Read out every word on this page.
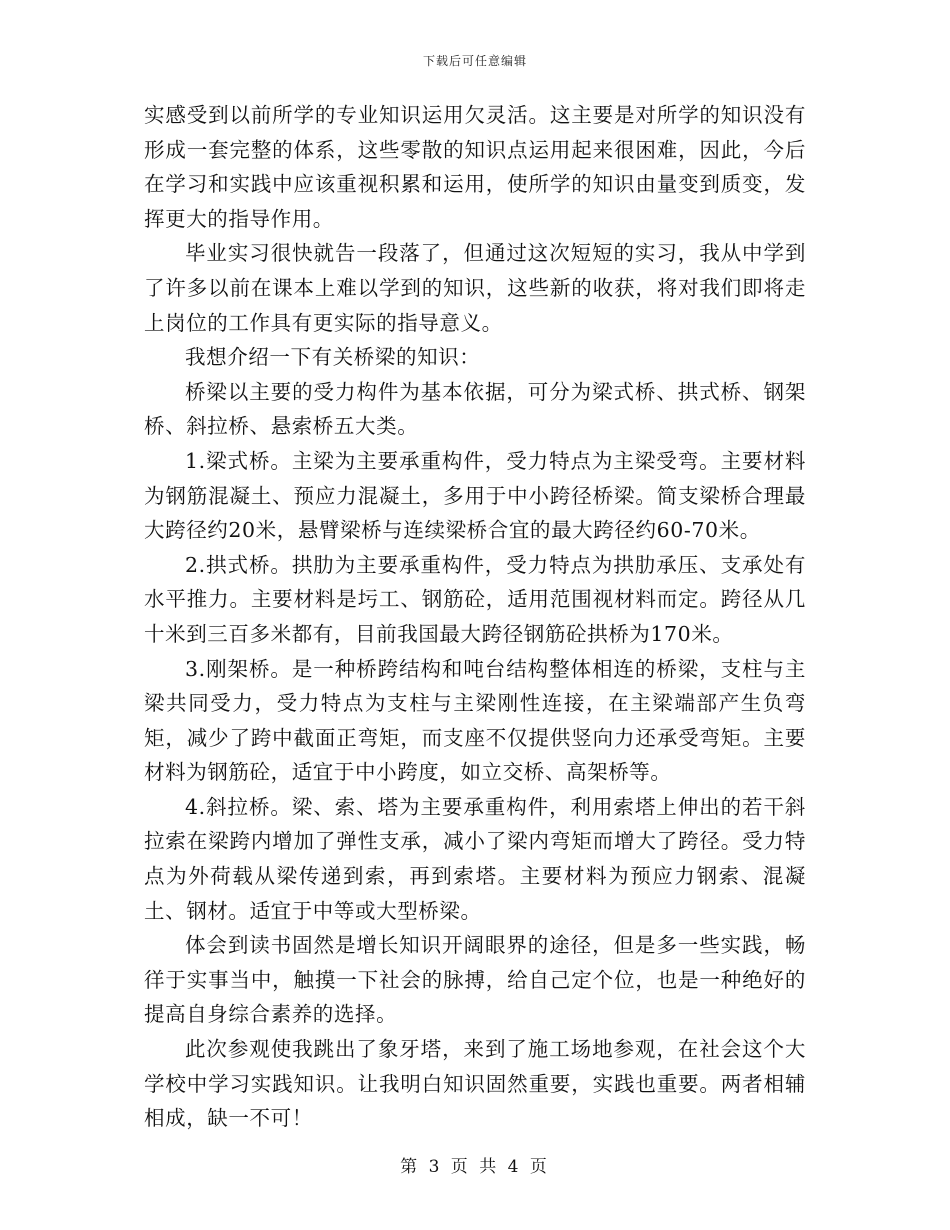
下载后可任意编辑

实感受到以前所学的专业知识运用欠灵活。这主要是对所学的知识没有形成一套完整的体系，这些零散的知识点运用起来很困难，因此，今后在学习和实践中应该重视积累和运用，使所学的知识由量变到质变，发挥更大的指导作用。

毕业实习很快就告一段落了，但通过这次短短的实习，我从中学到了许多以前在课本上难以学到的知识，这些新的收获，将对我们即将走上岗位的工作具有更实际的指导意义。

我想介绍一下有关桥梁的知识：

桥梁以主要的受力构件为基本依据，可分为梁式桥、拱式桥、钢架桥、斜拉桥、悬索桥五大类。

1.梁式桥。主梁为主要承重构件，受力特点为主梁受弯。主要材料为钢筋混凝土、预应力混凝土，多用于中小跨径桥梁。简支梁桥合理最大跨径约20米，悬臂梁桥与连续梁桥合宜的最大跨径约60-70米。

2.拱式桥。拱肋为主要承重构件，受力特点为拱肋承压、支承处有水平推力。主要材料是圬工、钢筋砼，适用范围视材料而定。跨径从几十米到三百多米都有，目前我国最大跨径钢筋砼拱桥为170米。

3.刚架桥。是一种桥跨结构和吨台结构整体相连的桥梁，支柱与主梁共同受力，受力特点为支柱与主梁刚性连接，在主梁端部产生负弯矩，减少了跨中截面正弯矩，而支座不仅提供竖向力还承受弯矩。主要材料为钢筋砼，适宜于中小跨度，如立交桥、高架桥等。

4.斜拉桥。梁、索、塔为主要承重构件，利用索塔上伸出的若干斜拉索在梁跨内增加了弹性支承，减小了梁内弯矩而增大了跨径。受力特点为外荷载从梁传递到索，再到索塔。主要材料为预应力钢索、混凝土、钢材。适宜于中等或大型桥梁。

体会到读书固然是增长知识开阔眼界的途径，但是多一些实践，畅徉于实事当中，触摸一下社会的脉搏，给自己定个位，也是一种绝好的提高自身综合素养的选择。

此次参观使我跳出了象牙塔，来到了施工场地参观，在社会这个大学校中学习实践知识。让我明白知识固然重要，实践也重要。两者相辅相成，缺一不可！

第 3 页 共 4 页
